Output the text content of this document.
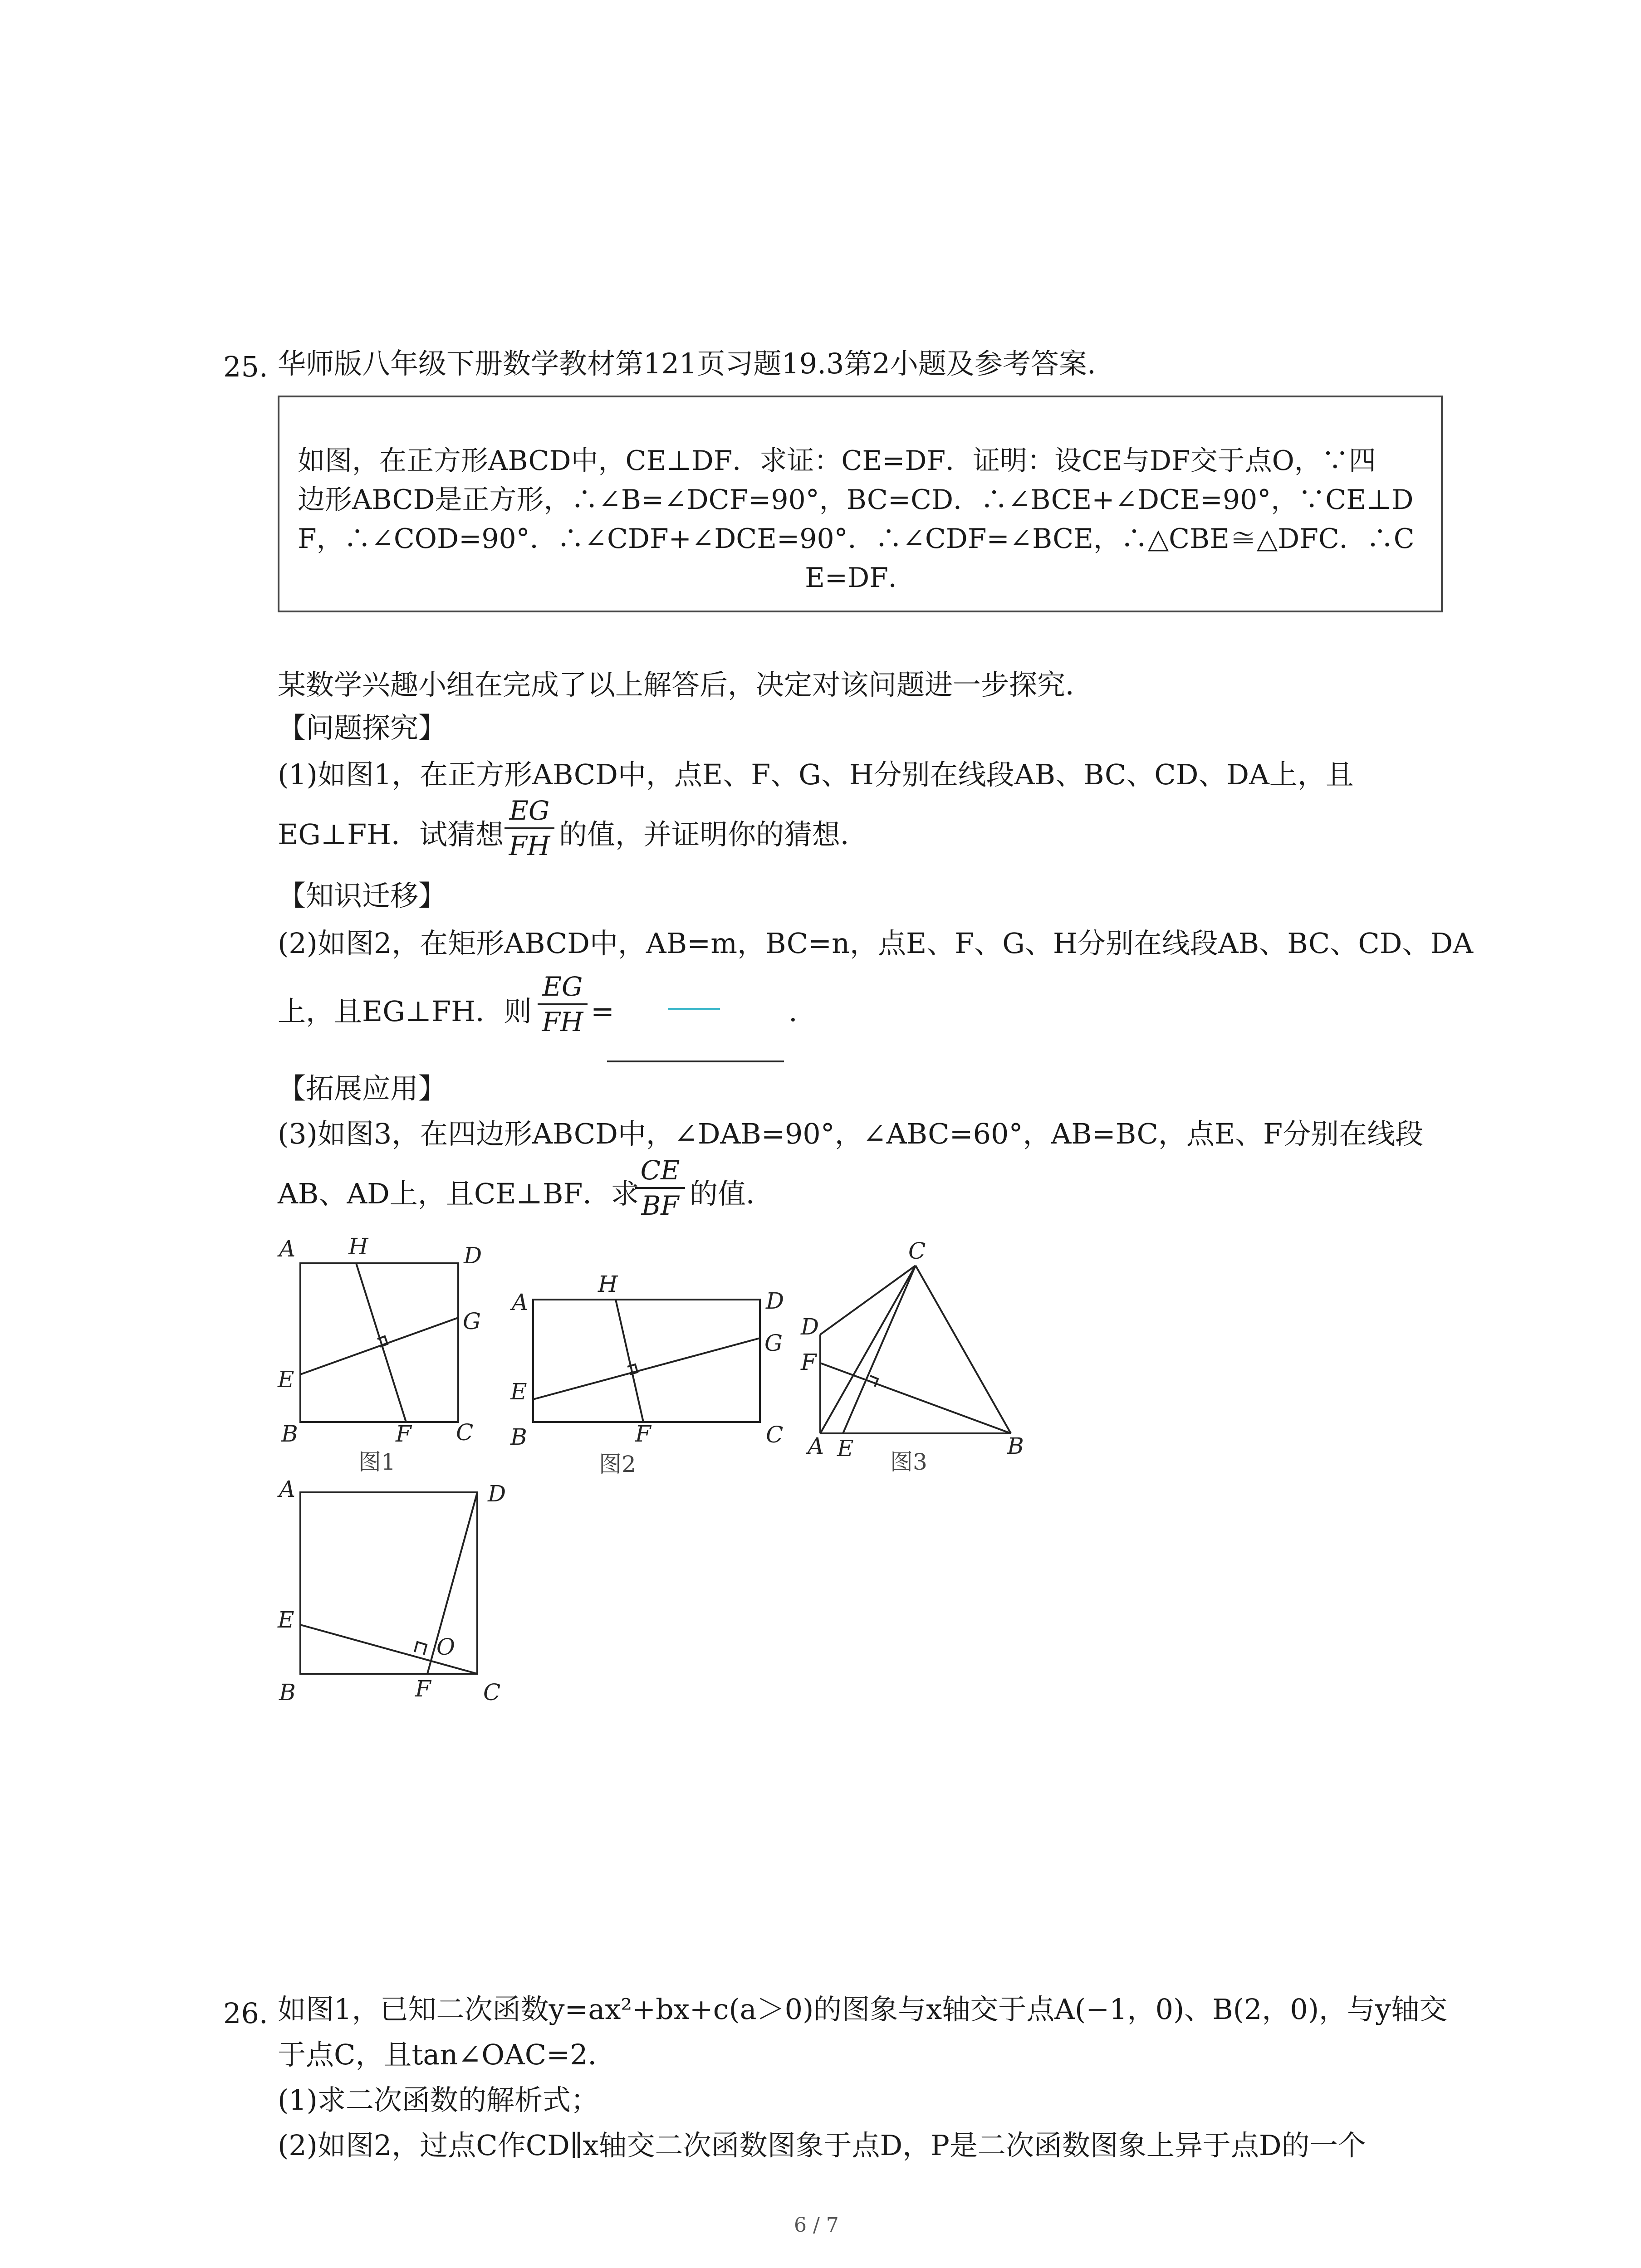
25. 华师版八年级下册数学教材第121页习题19.3第2小题及参考答案.
如图，在正方形ABCD中，CE⊥DF．求证：CE=DF．证明：设CE与DF交于点O，∵四
边形ABCD是正方形，∴∠B=∠DCF=90°，BC=CD．∴∠BCE+∠DCE=90°，∵CE⊥D
F，∴∠COD=90°．∴∠CDF+∠DCE=90°．∴∠CDF=∠BCE，∴△CBE≅△DFC．∴C
E=DF．
某数学兴趣小组在完成了以上解答后，决定对该问题进一步探究．
【问题探究】
(1)如图1，在正方形ABCD中，点E、F、G、H分别在线段AB、BC、CD、DA上，且
EG⊥FH．试猜想
EG
FH 的值，并证明你的猜想．
【知识迁移】
(2)如图2，在矩形ABCD中，AB=m，BC=n，点E、F、G、H分别在线段AB、BC、CD、DA
上，且EG⊥FH．则
EG
FH =	.
【拓展应用】
(3)如图3，在四边形ABCD中，∠DAB=90°，∠ABC=60°，AB=BC，点E、F分别在线段
AB、AD上，且CE⊥BF．求
CE
BF 的值．
A H	D
G
E
B	F C
图1
A
H
D
G
E
B	F	C
图2
C
D
F
A E	B
图3
A	D
E
O
B	F C
26. 如图1，已知二次函数y=ax²+bx+c(a＞0)的图象与x轴交于点A(−1，0)、B(2，0)，与y轴交
于点C，且tan∠OAC=2．
(1)求二次函数的解析式；
(2)如图2，过点C作CD∥x轴交二次函数图象于点D，P是二次函数图象上异于点D的一个
6 / 7
